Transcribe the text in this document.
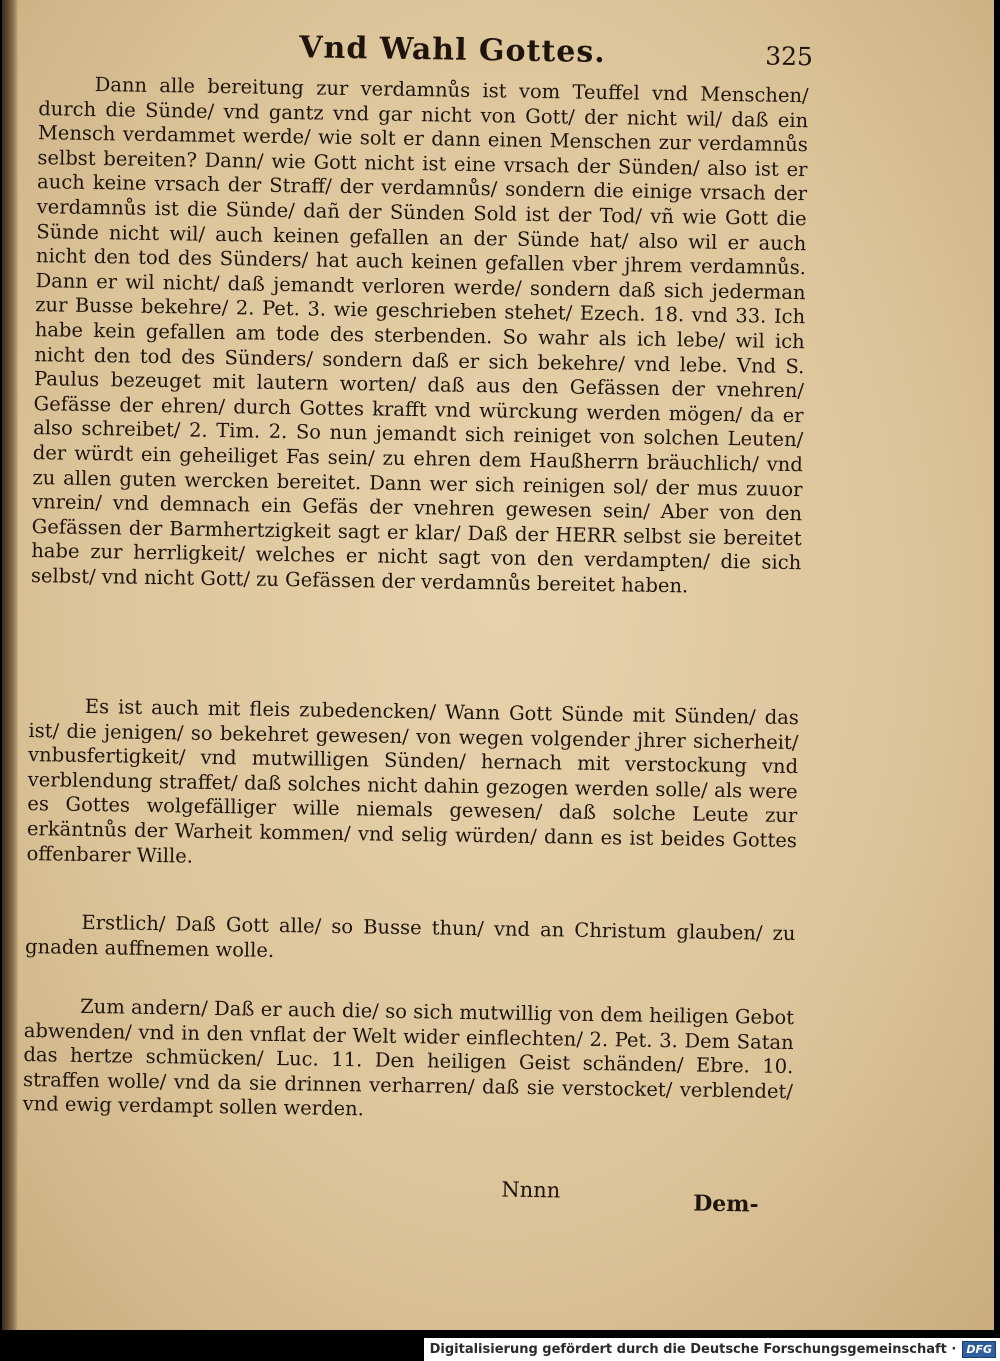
Vnd Wahl Gottes.	325

Dann alle bereitung zur verdamnůs ist vom Teuffel vnd Menschen/ durch die Sünde/ vnd gantz vnd gar nicht von Gott/ der nicht wil/ daß ein Mensch verdammet werde/ wie solt er dann einen Menschen zur verdamnůs selbst bereiten? Dann/ wie Gott nicht ist eine vrsach der Sünden/ also ist er auch keine vrsach der Straff/ der verdamnůs/ sondern die einige vrsach der verdamnůs ist die Sünde/ dañ der Sünden Sold ist der Tod/ vñ wie Gott die Sünde nicht wil/ auch keinen gefallen an der Sünde hat/ also wil er auch nicht den tod des Sünders/ hat auch keinen gefallen vber jhrem verdamnůs. Dann er wil nicht/ daß jemandt verloren werde/ sondern daß sich jederman zur Busse bekehre/ 2. Pet. 3. wie geschrieben stehet/ Ezech. 18. vnd 33. Ich habe kein gefallen am tode des sterbenden. So wahr als ich lebe/ wil ich nicht den tod des Sünders/ sondern daß er sich bekehre/ vnd lebe. Vnd S. Paulus bezeuget mit lautern worten/ daß aus den Gefässen der vnehren/ Gefässe der ehren/ durch Gottes krafft vnd würckung werden mögen/ da er also schreibet/ 2. Tim. 2. So nun jemandt sich reiniget von solchen Leuten/ der würdt ein geheiliget Fas sein/ zu ehren dem Haußherrn bräuchlich/ vnd zu allen guten wercken bereitet. Dann wer sich reinigen sol/ der mus zuuor vnrein/ vnd demnach ein Gefäs der vnehren gewesen sein/ Aber von den Gefässen der Barmhertzigkeit sagt er klar/ Daß der HERR selbst sie bereitet habe zur herrligkeit/ welches er nicht sagt von den verdampten/ die sich selbst/ vnd nicht Gott/ zu Gefässen der verdamnůs bereitet haben.

Es ist auch mit fleis zubedencken/ Wann Gott Sünde mit Sünden/ das ist/ die jenigen/ so bekehret gewesen/ von wegen volgender jhrer sicherheit/ vnbusfertigkeit/ vnd mutwilligen Sünden/ hernach mit verstockung vnd verblendung straffet/ daß solches nicht dahin gezogen werden solle/ als were es Gottes wolgefälliger wille niemals gewesen/ daß solche Leute zur erkäntnůs der Warheit kommen/ vnd selig würden/ dann es ist beides Gottes offenbarer Wille.

Erstlich/ Daß Gott alle/ so Busse thun/ vnd an Christum glauben/ zu gnaden auffnemen wolle.

Zum andern/ Daß er auch die/ so sich mutwillig von dem heiligen Gebot abwenden/ vnd in den vnflat der Welt wider einflechten/ 2. Pet. 3. Dem Satan das hertze schmücken/ Luc. 11. Den heiligen Geist schänden/ Ebre. 10. straffen wolle/ vnd da sie drinnen verharren/ daß sie verstocket/ verblendet/ vnd ewig verdampt sollen werden.

Nnnn
Dem-
Digitalisierung gefördert durch die Deutsche Forschungsgemeinschaft · DFG
